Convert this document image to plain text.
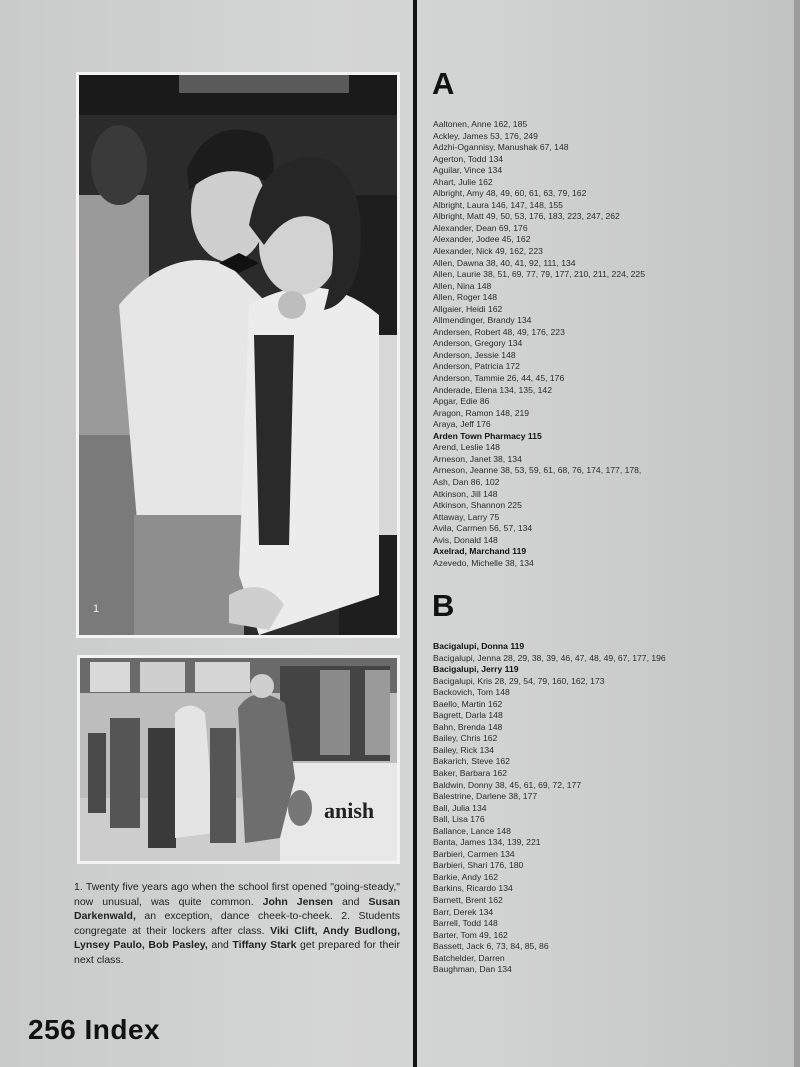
1
anish
1. Twenty five years ago when the school first opened "going-steady," now unusual, was quite common. John Jensen and Susan Darkenwald, an exception, dance cheek-to-cheek. 2. Students congregate at their lockers after class. Viki Clift, Andy Budlong, Lynsey Paulo, Bob Pasley, and Tiffany Stark get prepared for their next class.
256 Index
A
Aaltonen, Anne 162, 185
Ackley, James 53, 176, 249
Adzhi-Ogannisy, Manushak 67, 148
Agerton, Todd 134
Aguilar, Vince 134
Ahart, Julie 162
Albright, Amy 48, 49, 60, 61, 63, 79, 162
Albright, Laura 146, 147, 148, 155
Albright, Matt 49, 50, 53, 176, 183, 223, 247, 262
Alexander, Dean 69, 176
Alexander, Jodee 45, 162
Alexander, Nick 49, 162, 223
Allen, Dawna 38, 40, 41, 92, 111, 134
Allen, Laurie 38, 51, 69, 77, 79, 177, 210, 211, 224, 225
Allen, Nina 148
Allen, Roger 148
Allgaier, Heidi 162
Allmendinger, Brandy 134
Andersen, Robert 48, 49, 176, 223
Anderson, Gregory 134
Anderson, Jessie 148
Anderson, Patricia 172
Anderson, Tammie 26, 44, 45, 176
Anderade, Elena 134, 135, 142
Apgar, Edie 86
Aragon, Ramon 148, 219
Araya, Jeff 176
Arden Town Pharmacy 115
Arend, Leslie 148
Arneson, Janet 38, 134
Arneson, Jeanne 38, 53, 59, 61, 68, 76, 174, 177, 178,
Ash, Dan 86, 102
Atkinson, Jill 148
Atkinson, Shannon 225
Attaway, Larry 75
Avila, Carmen 56, 57, 134
Avis, Donald 148
Axelrad, Marchand 119
Azevedo, Michelle 38, 134
B
Bacigalupi, Donna 119
Bacigalupi, Jenna 28, 29, 38, 39, 46, 47, 48, 49, 67, 177, 196
Bacigalupi, Jerry 119
Bacigalupi, Kris 28, 29, 54, 79, 160, 162, 173
Backovich, Tom 148
Baello, Martin 162
Bagrett, Darla 148
Bahn, Brenda 148
Bailey, Chris 162
Bailey, Rick 134
Bakarich, Steve 162
Baker, Barbara 162
Baldwin, Donny 38, 45, 61, 69, 72, 177
Balestrine, Darlene 38, 177
Ball, Julia 134
Ball, Lisa 176
Ballance, Lance 148
Banta, James 134, 139, 221
Barbieri, Carmen 134
Barbieri, Shari 176, 180
Barkie, Andy 162
Barkins, Ricardo 134
Barnett, Brent 162
Barr, Derek 134
Barrell, Todd 148
Barter, Tom 49, 162
Bassett, Jack 6, 73, 84, 85, 86
Batchelder, Darren
Baughman, Dan 134
